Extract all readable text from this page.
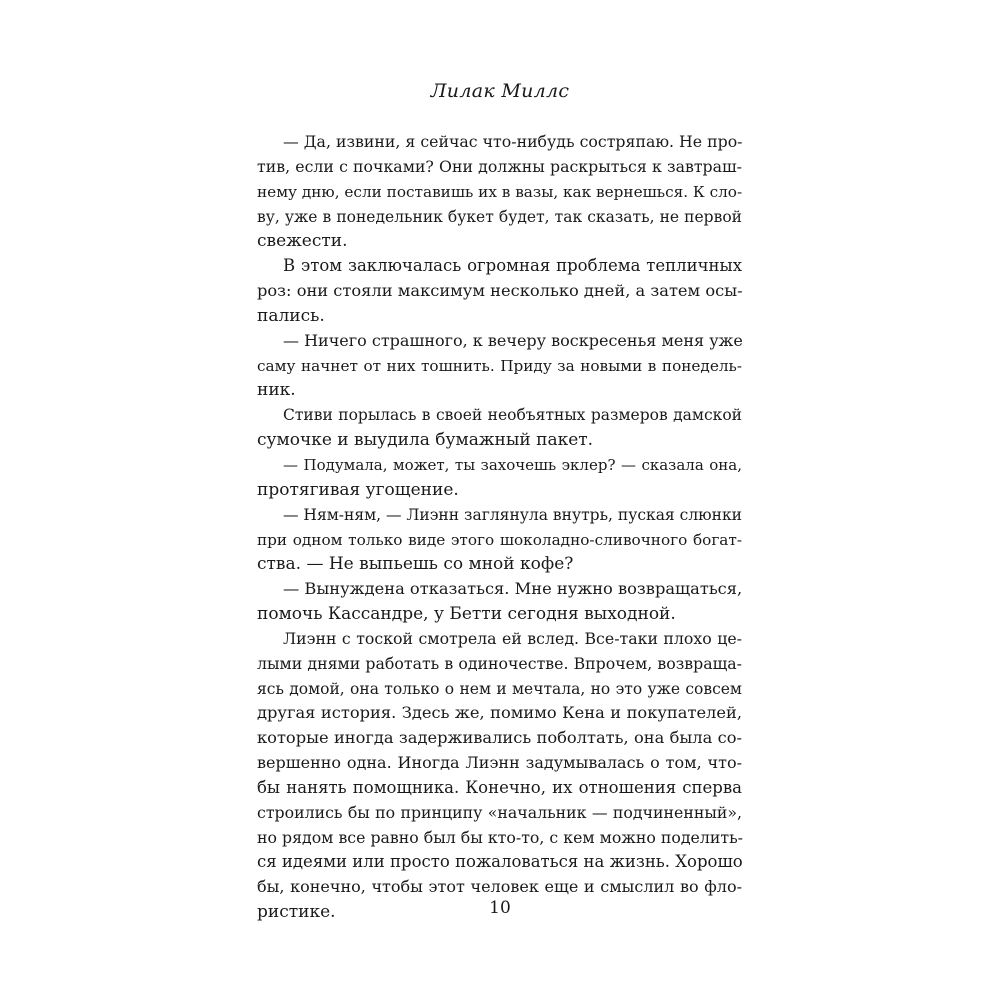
Лилак Миллс
— Да, извини, я сейчас что-нибудь состряпаю. Не про-
тив, если с почками? Они должны раскрыться к завтраш-
нему дню, если поставишь их в вазы, как вернешься. К сло-
ву, уже в понедельник букет будет, так сказать, не первой
свежести.
В этом заключалась огромная проблема тепличных
роз: они стояли максимум несколько дней, а затем осы-
пались.
— Ничего страшного, к вечеру воскресенья меня уже
саму начнет от них тошнить. Приду за новыми в понедель-
ник.
Стиви порылась в своей необъятных размеров дамской
сумочке и выудила бумажный пакет.
— Подумала, может, ты захочешь эклер? — сказала она,
протягивая угощение.
— Ням-ням, — Лиэнн заглянула внутрь, пуская слюнки
при одном только виде этого шоколадно-сливочного богат-
ства. — Не выпьешь со мной кофе?
— Вынуждена отказаться. Мне нужно возвращаться,
помочь Кассандре, у Бетти сегодня выходной.
Лиэнн с тоской смотрела ей вслед. Все-таки плохо це-
лыми днями работать в одиночестве. Впрочем, возвраща-
ясь домой, она только о нем и мечтала, но это уже совсем
другая история. Здесь же, помимо Кена и покупателей,
которые иногда задерживались поболтать, она была со-
вершенно одна. Иногда Лиэнн задумывалась о том, что-
бы нанять помощника. Конечно, их отношения сперва
строились бы по принципу «начальник — подчиненный»,
но рядом все равно был бы кто-то, с кем можно поделить-
ся идеями или просто пожаловаться на жизнь. Хорошо
бы, конечно, чтобы этот человек еще и смыслил во фло-
ристике.	10
